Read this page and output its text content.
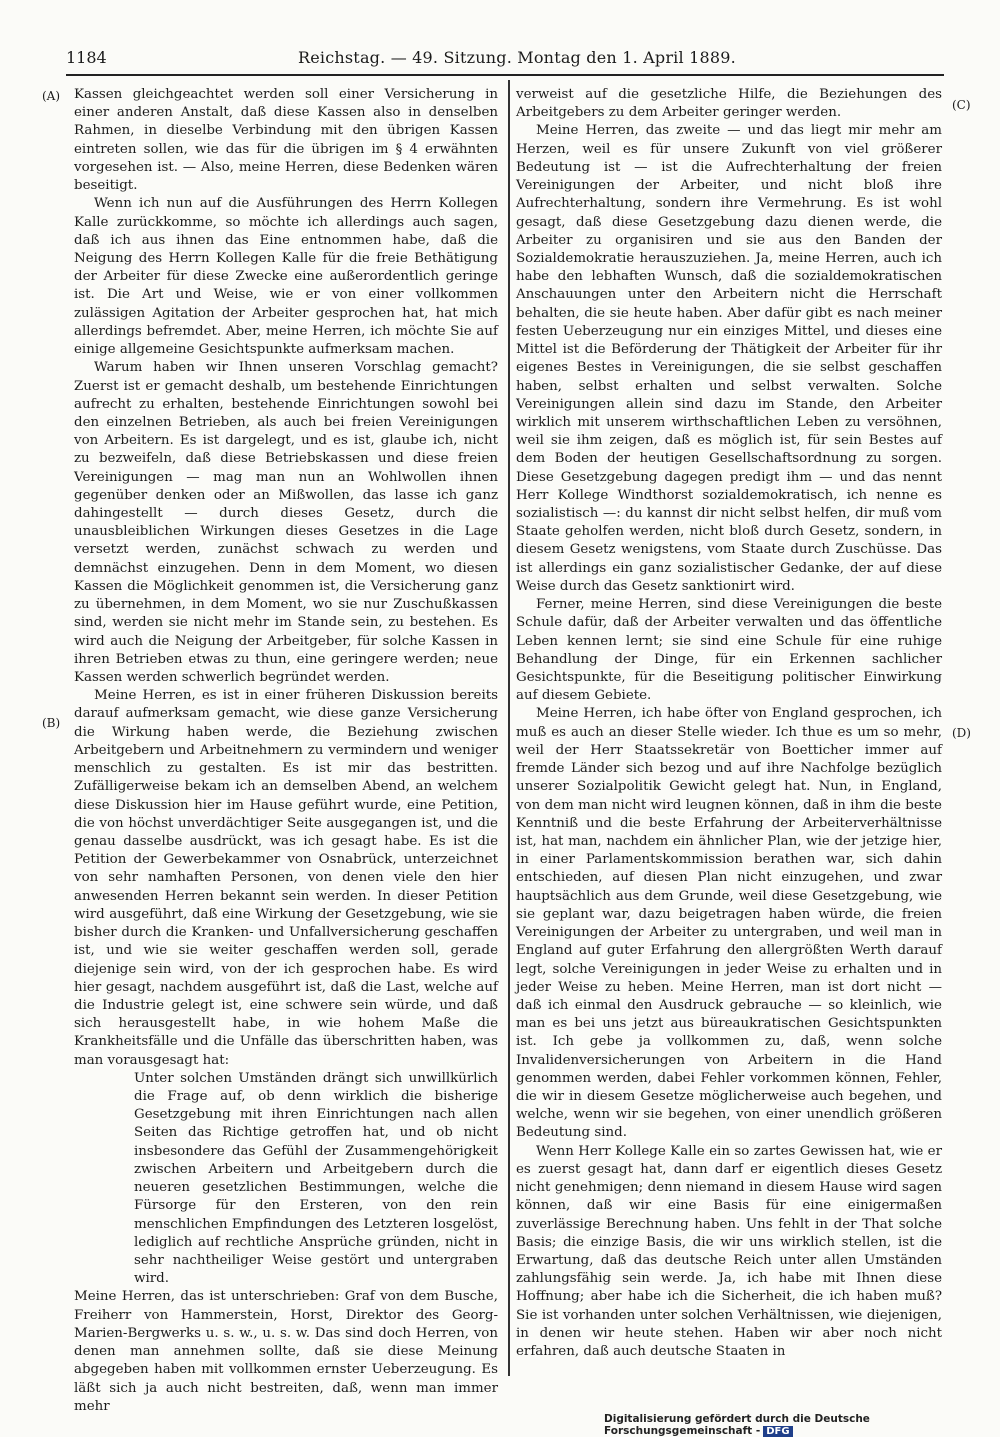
1184	Reichstag. — 49. Sitzung. Montag den 1. April 1889.
(A)
(B)
(C)
(D)

Kassen gleichgeachtet werden soll einer Versicherung in einer anderen Anstalt, daß diese Kassen also in denselben Rahmen, in dieselbe Verbindung mit den übrigen Kassen eintreten sollen, wie das für die übrigen im § 4 erwähnten vorgesehen ist. — Also, meine Herren, diese Bedenken wären beseitigt.

Wenn ich nun auf die Ausführungen des Herrn Kollegen Kalle zurückkomme, so möchte ich allerdings auch sagen, daß ich aus ihnen das Eine entnommen habe, daß die Neigung des Herrn Kollegen Kalle für die freie Bethätigung der Arbeiter für diese Zwecke eine außerordentlich geringe ist. Die Art und Weise, wie er von einer vollkommen zulässigen Agitation der Arbeiter gesprochen hat, hat mich allerdings befremdet. Aber, meine Herren, ich möchte Sie auf einige allgemeine Gesichtspunkte aufmerksam machen.

Warum haben wir Ihnen unseren Vorschlag gemacht? Zuerst ist er gemacht deshalb, um bestehende Einrichtungen aufrecht zu erhalten, bestehende Einrichtungen sowohl bei den einzelnen Betrieben, als auch bei freien Vereinigungen von Arbeitern. Es ist dargelegt, und es ist, glaube ich, nicht zu bezweifeln, daß diese Betriebskassen und diese freien Vereinigungen — mag man nun an Wohlwollen ihnen gegenüber denken oder an Mißwollen, das lasse ich ganz dahingestellt — durch dieses Gesetz, durch die unausbleiblichen Wirkungen dieses Gesetzes in die Lage versetzt werden, zunächst schwach zu werden und demnächst einzugehen. Denn in dem Moment, wo diesen Kassen die Möglichkeit genommen ist, die Versicherung ganz zu übernehmen, in dem Moment, wo sie nur Zuschußkassen sind, werden sie nicht mehr im Stande sein, zu bestehen. Es wird auch die Neigung der Arbeitgeber, für solche Kassen in ihren Betrieben etwas zu thun, eine geringere werden; neue Kassen werden schwerlich begründet werden.

Meine Herren, es ist in einer früheren Diskussion bereits darauf aufmerksam gemacht, wie diese ganze Versicherung die Wirkung haben werde, die Beziehung zwischen Arbeitgebern und Arbeitnehmern zu vermindern und weniger menschlich zu gestalten. Es ist mir das bestritten. Zufälligerweise bekam ich an demselben Abend, an welchem diese Diskussion hier im Hause geführt wurde, eine Petition, die von höchst unverdächtiger Seite ausgegangen ist, und die genau dasselbe ausdrückt, was ich gesagt habe. Es ist die Petition der Gewerbekammer von Osnabrück, unterzeichnet von sehr namhaften Personen, von denen viele den hier anwesenden Herren bekannt sein werden. In dieser Petition wird ausgeführt, daß eine Wirkung der Gesetzgebung, wie sie bisher durch die Kranken- und Unfallversicherung geschaffen ist, und wie sie weiter geschaffen werden soll, gerade diejenige sein wird, von der ich gesprochen habe. Es wird hier gesagt, nachdem ausgeführt ist, daß die Last, welche auf die Industrie gelegt ist, eine schwere sein würde, und daß sich herausgestellt habe, in wie hohem Maße die Krankheitsfälle und die Unfälle das überschritten haben, was man vorausgesagt hat:

Unter solchen Umständen drängt sich unwillkürlich die Frage auf, ob denn wirklich die bisherige Gesetzgebung mit ihren Einrichtungen nach allen Seiten das Richtige getroffen hat, und ob nicht insbesondere das Gefühl der Zusammengehörigkeit zwischen Arbeitern und Arbeitgebern durch die neueren gesetzlichen Bestimmungen, welche die Fürsorge für den Ersteren, von den rein menschlichen Empfindungen des Letzteren losgelöst, lediglich auf rechtliche Ansprüche gründen, nicht in sehr nachtheiliger Weise gestört und untergraben wird.

Meine Herren, das ist unterschrieben: Graf von dem Busche, Freiherr von Hammerstein, Horst, Direktor des Georg-Marien-Bergwerks u. s. w., u. s. w. Das sind doch Herren, von denen man annehmen sollte, daß sie diese Meinung abgegeben haben mit vollkommen ernster Ueberzeugung. Es läßt sich ja auch nicht bestreiten, daß, wenn man immer mehr

verweist auf die gesetzliche Hilfe, die Beziehungen des Arbeitgebers zu dem Arbeiter geringer werden.

Meine Herren, das zweite — und das liegt mir mehr am Herzen, weil es für unsere Zukunft von viel größerer Bedeutung ist — ist die Aufrechterhaltung der freien Vereinigungen der Arbeiter, und nicht bloß ihre Aufrechterhaltung, sondern ihre Vermehrung. Es ist wohl gesagt, daß diese Gesetzgebung dazu dienen werde, die Arbeiter zu organisiren und sie aus den Banden der Sozialdemokratie herauszuziehen. Ja, meine Herren, auch ich habe den lebhaften Wunsch, daß die sozialdemokratischen Anschauungen unter den Arbeitern nicht die Herrschaft behalten, die sie heute haben. Aber dafür gibt es nach meiner festen Ueberzeugung nur ein einziges Mittel, und dieses eine Mittel ist die Beförderung der Thätigkeit der Arbeiter für ihr eigenes Bestes in Vereinigungen, die sie selbst geschaffen haben, selbst erhalten und selbst verwalten. Solche Vereinigungen allein sind dazu im Stande, den Arbeiter wirklich mit unserem wirthschaftlichen Leben zu versöhnen, weil sie ihm zeigen, daß es möglich ist, für sein Bestes auf dem Boden der heutigen Gesellschaftsordnung zu sorgen. Diese Gesetzgebung dagegen predigt ihm — und das nennt Herr Kollege Windthorst sozialdemokratisch, ich nenne es sozialistisch —: du kannst dir nicht selbst helfen, dir muß vom Staate geholfen werden, nicht bloß durch Gesetz, sondern, in diesem Gesetz wenigstens, vom Staate durch Zuschüsse. Das ist allerdings ein ganz sozialistischer Gedanke, der auf diese Weise durch das Gesetz sanktionirt wird.

Ferner, meine Herren, sind diese Vereinigungen die beste Schule dafür, daß der Arbeiter verwalten und das öffentliche Leben kennen lernt; sie sind eine Schule für eine ruhige Behandlung der Dinge, für ein Erkennen sachlicher Gesichtspunkte, für die Beseitigung politischer Einwirkung auf diesem Gebiete.

Meine Herren, ich habe öfter von England gesprochen, ich muß es auch an dieser Stelle wieder. Ich thue es um so mehr, weil der Herr Staatssekretär von Boetticher immer auf fremde Länder sich bezog und auf ihre Nachfolge bezüglich unserer Sozialpolitik Gewicht gelegt hat. Nun, in England, von dem man nicht wird leugnen können, daß in ihm die beste Kenntniß und die beste Erfahrung der Arbeiterverhältnisse ist, hat man, nachdem ein ähnlicher Plan, wie der jetzige hier, in einer Parlamentskommission berathen war, sich dahin entschieden, auf diesen Plan nicht einzugehen, und zwar hauptsächlich aus dem Grunde, weil diese Gesetzgebung, wie sie geplant war, dazu beigetragen haben würde, die freien Vereinigungen der Arbeiter zu untergraben, und weil man in England auf guter Erfahrung den allergrößten Werth darauf legt, solche Vereinigungen in jeder Weise zu erhalten und in jeder Weise zu heben. Meine Herren, man ist dort nicht — daß ich einmal den Ausdruck gebrauche — so kleinlich, wie man es bei uns jetzt aus büreaukratischen Gesichtspunkten ist. Ich gebe ja vollkommen zu, daß, wenn solche Invalidenversicherungen von Arbeitern in die Hand genommen werden, dabei Fehler vorkommen können, Fehler, die wir in diesem Gesetze möglicherweise auch begehen, und welche, wenn wir sie begehen, von einer unendlich größeren Bedeutung sind.

Wenn Herr Kollege Kalle ein so zartes Gewissen hat, wie er es zuerst gesagt hat, dann darf er eigentlich dieses Gesetz nicht genehmigen; denn niemand in diesem Hause wird sagen können, daß wir eine Basis für eine einigermaßen zuverlässige Berechnung haben. Uns fehlt in der That solche Basis; die einzige Basis, die wir uns wirklich stellen, ist die Erwartung, daß das deutsche Reich unter allen Umständen zahlungsfähig sein werde. Ja, ich habe mit Ihnen diese Hoffnung; aber habe ich die Sicherheit, die ich haben muß? Sie ist vorhanden unter solchen Verhältnissen, wie diejenigen, in denen wir heute stehen. Haben wir aber noch nicht erfahren, daß auch deutsche Staaten in

Digitalisierung gefördert durch die Deutsche Forschungsgemeinschaft - DFG
